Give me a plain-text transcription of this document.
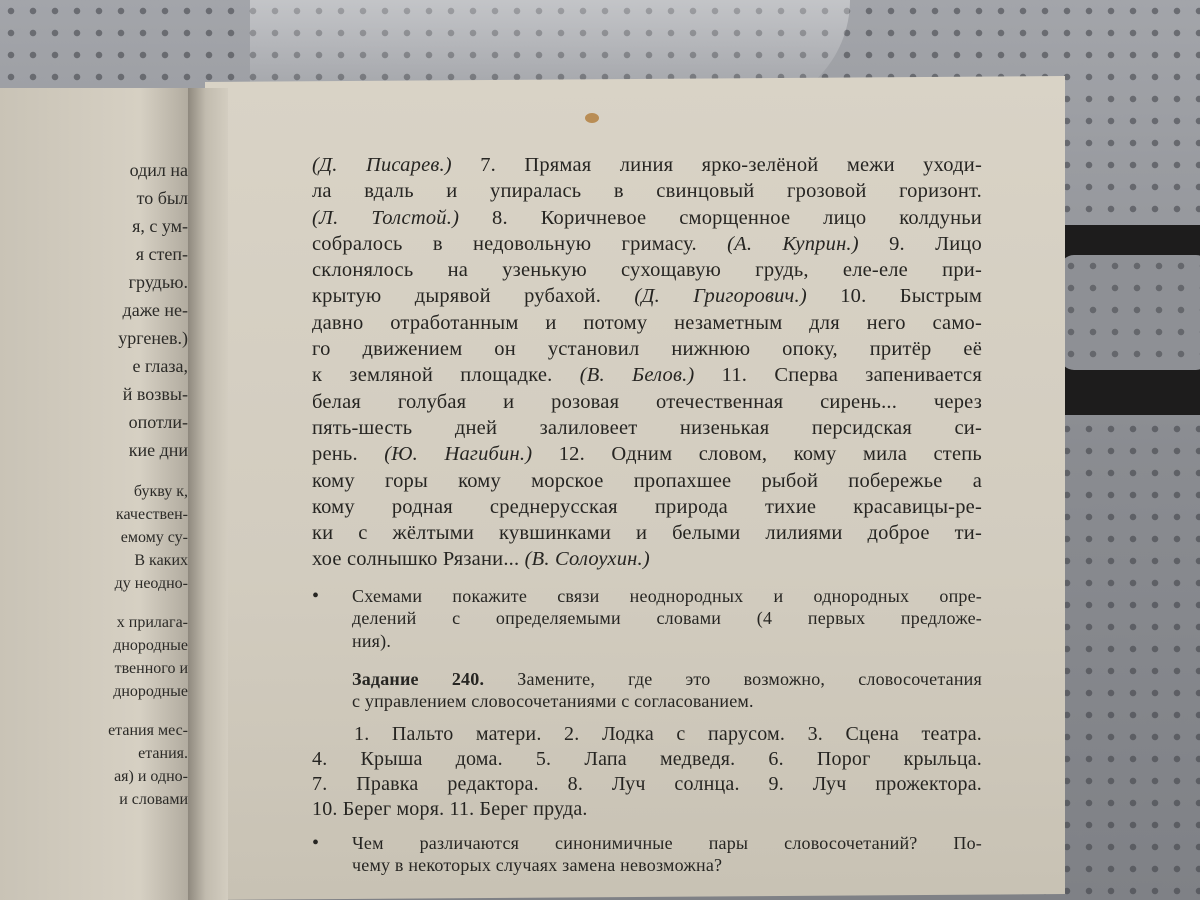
одил на
то был
я, с ум-
я степ-
грудью.
даже не-
ургенев.)
е глаза,
й возвы-
опотли-
кие дни
букву к,
качествен-
емому су-
В каких
ду неодно-
х прилага-
днородные
твенного и
днородные
етания мес-
етания.
ая) и одно-
и словами
(Д. Писарев.) 7. Прямая линия ярко-зелёной межи уходи-
ла вдаль и упиралась в свинцовый грозовой горизонт.
(Л. Толстой.) 8. Коричневое сморщенное лицо колдуньи
собралось в недовольную гримасу. (А. Куприн.) 9. Лицо
склонялось на узенькую сухощавую грудь, еле-еле при-
крытую дырявой рубахой. (Д. Григорович.) 10. Быстрым
давно отработанным и потому незаметным для него само-
го движением он установил нижнюю опоку, притёр её
к земляной площадке. (В. Белов.) 11. Сперва запенивается
белая голубая и розовая отечественная сирень... через
пять-шесть дней залиловеет низенькая персидская си-
рень. (Ю. Нагибин.) 12. Одним словом, кому мила степь
кому горы кому морское пропахшее рыбой побережье а
кому родная среднерусская природа тихие красавицы-ре-
ки с жёлтыми кувшинками и белыми лилиями доброе ти-
хое солнышко Рязани... (В. Солоухин.)
• Схемами покажите связи неоднородных и однородных опре-
делений с определяемыми словами (4 первых предложе-
ния).
Задание 240. Замените, где это возможно, словосочетания
с управлением словосочетаниями с согласованием.
1. Пальто матери. 2. Лодка с парусом. 3. Сцена театра.
4. Крыша дома. 5. Лапа медведя. 6. Порог крыльца.
7. Правка редактора. 8. Луч солнца. 9. Луч прожектора.
10. Берег моря. 11. Берег пруда.
• Чем различаются синонимичные пары словосочетаний? По-
чему в некоторых случаях замена невозможна?
